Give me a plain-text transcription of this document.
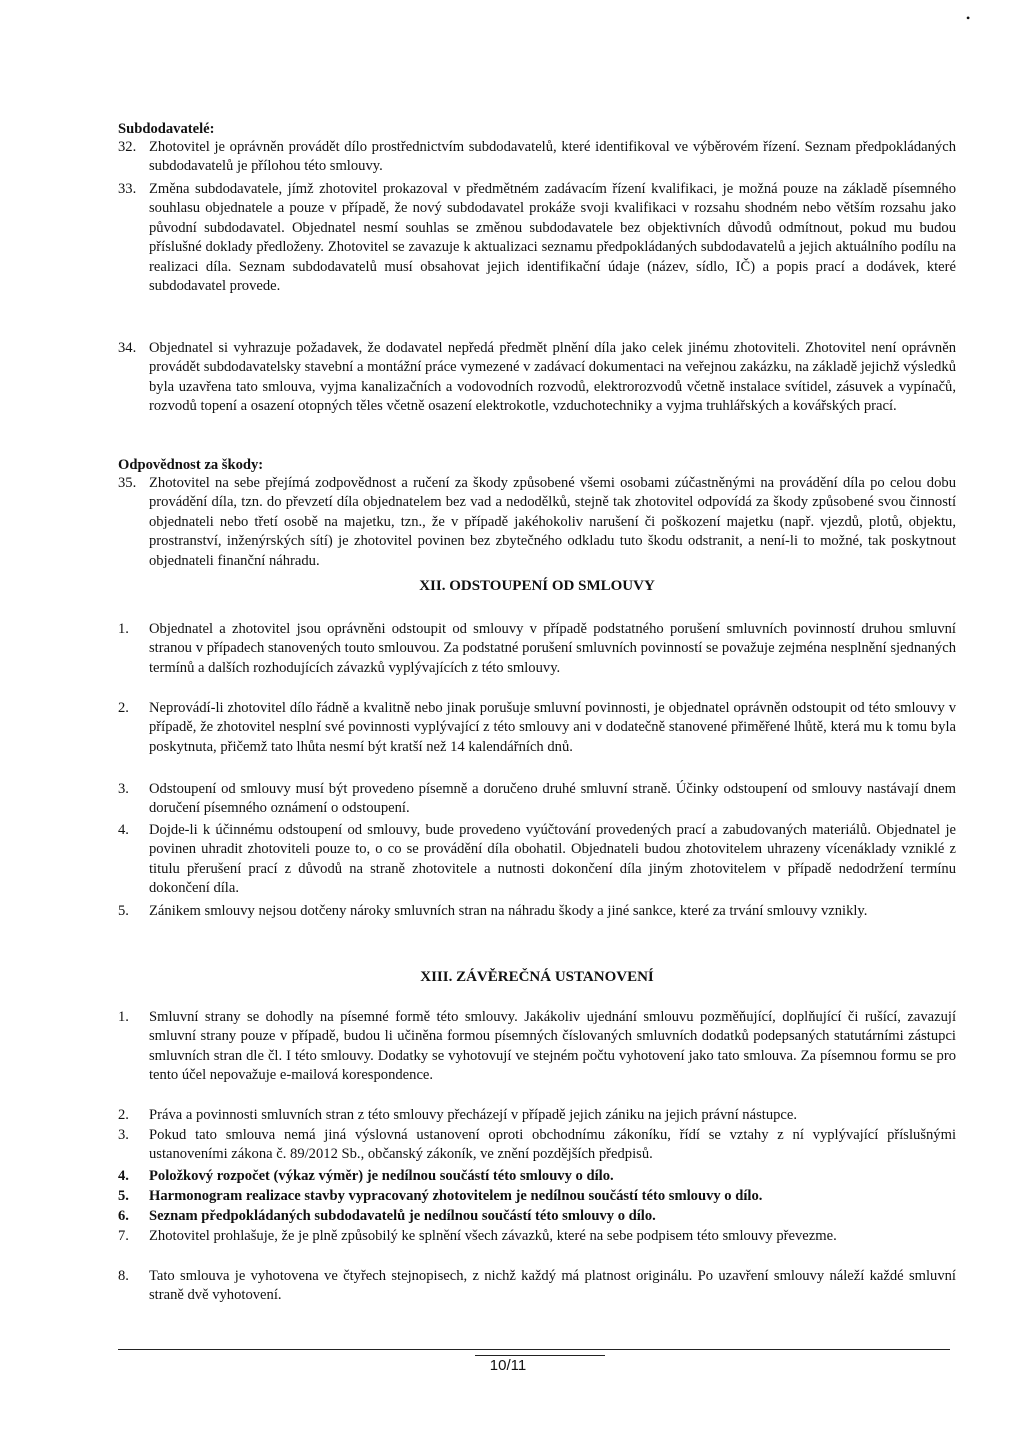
•
Subdodavatelé:
32. Zhotovitel je oprávněn provádět dílo prostřednictvím subdodavatelů, které identifikoval ve výběrovém řízení. Seznam předpokládaných subdodavatelů je přílohou této smlouvy.
33. Změna subdodavatele, jímž zhotovitel prokazoval v předmětném zadávacím řízení kvalifikaci, je možná pouze na základě písemného souhlasu objednatele a pouze v případě, že nový subdodavatel prokáže svoji kvalifikaci v rozsahu shodném nebo větším rozsahu jako původní subdodavatel. Objednatel nesmí souhlas se změnou subdodavatele bez objektivních důvodů odmítnout, pokud mu budou příslušné doklady předloženy. Zhotovitel se zavazuje k aktualizaci seznamu předpokládaných subdodavatelů a jejich aktuálního podílu na realizaci díla. Seznam subdodavatelů musí obsahovat jejich identifikační údaje (název, sídlo, IČ) a popis prací a dodávek, které subdodavatel provede.
34. Objednatel si vyhrazuje požadavek, že dodavatel nepředá předmět plnění díla jako celek jinému zhotoviteli. Zhotovitel není oprávněn provádět subdodavatelsky stavební a montážní práce vymezené v zadávací dokumentaci na veřejnou zakázku, na základě jejichž výsledků byla uzavřena tato smlouva, vyjma kanalizačních a vodovodních rozvodů, elektrorozvodů včetně instalace svítidel, zásuvek a vypínačů, rozvodů topení a osazení otopných těles včetně osazení elektrokotle, vzduchotechniky a vyjma truhlářských a kovářských prací.
Odpovědnost za škody:
35. Zhotovitel na sebe přejímá zodpovědnost a ručení za škody způsobené všemi osobami zúčastněnými na provádění díla po celou dobu provádění díla, tzn. do převzetí díla objednatelem bez vad a nedodělků, stejně tak zhotovitel odpovídá za škody způsobené svou činností objednateli nebo třetí osobě na majetku, tzn., že v případě jakéhokoliv narušení či poškození majetku (např. vjezdů, plotů, objektu, prostranství, inženýrských sítí) je zhotovitel povinen bez zbytečného odkladu tuto škodu odstranit, a není-li to možné, tak poskytnout objednateli finanční náhradu.
XII. ODSTOUPENÍ OD SMLOUVY
1.	Objednatel a zhotovitel jsou oprávněni odstoupit od smlouvy v případě podstatného porušení smluvních povinností druhou smluvní stranou v případech stanovených touto smlouvou. Za podstatné porušení smluvních povinností se považuje zejména nesplnění sjednaných termínů a dalších rozhodujících závazků vyplývajících z této smlouvy.
2.	Neprovádí-li zhotovitel dílo řádně a kvalitně nebo jinak porušuje smluvní povinnosti, je objednatel oprávněn odstoupit od této smlouvy v případě, že zhotovitel nesplní své povinnosti vyplývající z této smlouvy ani v dodatečně stanovené přiměřené lhůtě, která mu k tomu byla poskytnuta, přičemž tato lhůta nesmí být kratší než 14 kalendářních dnů.
3.	Odstoupení od smlouvy musí být provedeno písemně a doručeno druhé smluvní straně. Účinky odstoupení od smlouvy nastávají dnem doručení písemného oznámení o odstoupení.
4.	Dojde-li k účinnému odstoupení od smlouvy, bude provedeno vyúčtování provedených prací a zabudovaných materiálů. Objednatel je povinen uhradit zhotoviteli pouze to, o co se provádění díla obohatil. Objednateli budou zhotovitelem uhrazeny vícenáklady vzniklé z titulu přerušení prací z důvodů na straně zhotovitele a nutnosti dokončení díla jiným zhotovitelem v případě nedodržení termínu dokončení díla.
5.	Zánikem smlouvy nejsou dotčeny nároky smluvních stran na náhradu škody a jiné sankce, které za trvání smlouvy vznikly.
XIII. ZÁVĚREČNÁ USTANOVENÍ
1.	Smluvní strany se dohodly na písemné formě této smlouvy. Jakákoliv ujednání smlouvu pozměňující, doplňující či rušící, zavazují smluvní strany pouze v případě, budou li učiněna formou písemných číslovaných smluvních dodatků podepsaných statutárními zástupci smluvních stran dle čl. I této smlouvy. Dodatky se vyhotovují ve stejném počtu vyhotovení jako tato smlouva. Za písemnou formu se pro tento účel nepovažuje e-mailová korespondence.
2.	Práva a povinnosti smluvních stran z této smlouvy přecházejí v případě jejich zániku na jejich právní nástupce.
3.	Pokud tato smlouva nemá jiná výslovná ustanovení oproti obchodnímu zákoníku, řídí se vztahy z ní vyplývající příslušnými ustanoveními zákona č. 89/2012 Sb., občanský zákoník, ve znění pozdějších předpisů.
4.	Položkový rozpočet (výkaz výměr) je nedílnou součástí této smlouvy o dílo.
5.	Harmonogram realizace stavby vypracovaný zhotovitelem je nedílnou součástí této smlouvy o dílo.
6.	Seznam předpokládaných subdodavatelů je nedílnou součástí této smlouvy o dílo.
7.	Zhotovitel prohlašuje, že je plně způsobilý ke splnění všech závazků, které na sebe podpisem této smlouvy převezme.
8.	Tato smlouva je vyhotovena ve čtyřech stejnopisech, z nichž každý má platnost originálu. Po uzavření smlouvy náleží každé smluvní straně dvě vyhotovení.
10/11
